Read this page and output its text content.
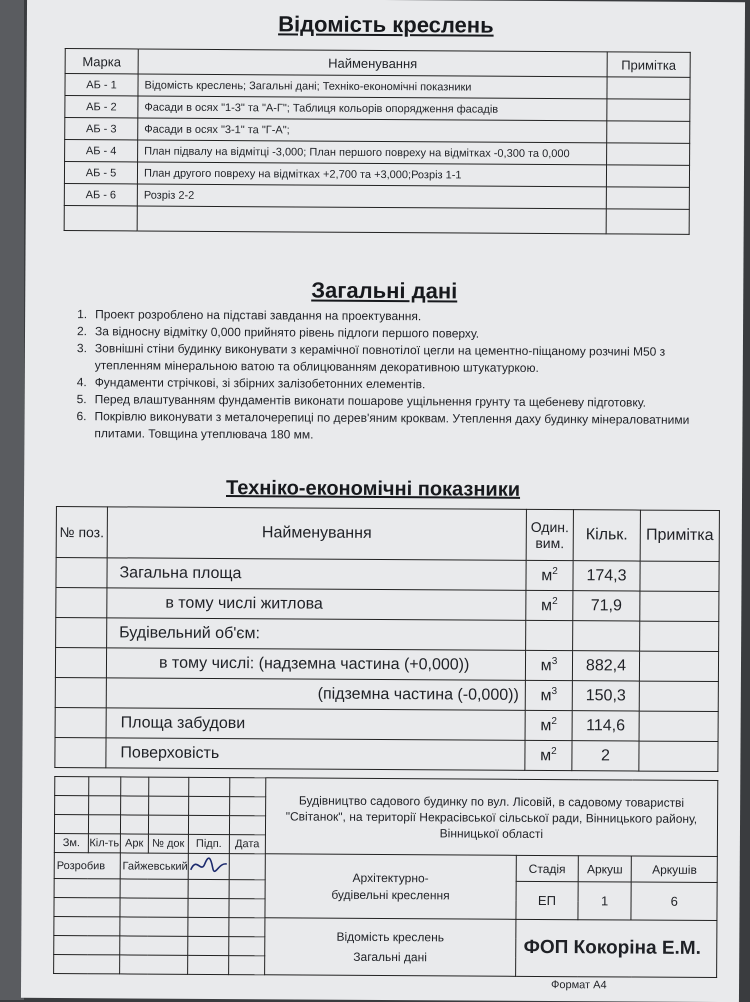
Відомість креслень
Марка	Найменування	Примітка
АБ - 1	Відомість креслень; Загальні дані; Техніко-економічні показники	
АБ - 2	Фасади в осях "1-3" та "А-Г"; Таблиця кольорів опорядження фасадів	
АБ - 3	Фасади в осях "3-1" та "Г-А";	
АБ - 4	План підвалу на відмітці -3,000; План першого повреху на відмітках -0,300 та 0,000	
АБ - 5	План другого повреху на відмітках +2,700 та +3,000;Розріз 1-1	
АБ - 6	Розріз 2-2	

Загальні дані
1. Проект розроблено на підставі завдання на проектування.
2. За відносну відмітку 0,000 прийнято рівень підлоги першого поверху.
3. Зовнішні стіни будинку виконувати з керамічної повнотілої цегли на цементно-піщаному розчині М50 з утепленням мінеральною ватою та облицюванням декоративною штукатуркою.
4. Фундаменти стрічкові, зі збірних залізобетонних елементів.
5. Перед влаштуванням фундаментів виконати пошарове ущільнення грунту та щебеневу підготовку.
6. Покрівлю виконувати з металочерепиці по дерев'яним кроквам. Утеплення даху будинку мінераловатними плитами. Товщина утеплювача 180 мм.
Техніко-економічні показники
№ поз.	Найменування	Один. вим.	Кільк.	Примітка
	Загальна площа	$м^2$	174,3	
	в тому числі житлова	$м^2$	71,9	
	Будівельний об'єм:			
	в тому числі: (надземна частина (+0,000))	$м^3$	882,4	
	(підземна частина (-0,000))	$м^3$	150,3	
	Площа забудови	$м^2$	114,6	
	Поверховість	$м^2$	2	
						Будівництво садового будинку по вул. Лісовій, в садовому товаристві "Світанок", на території Некрасівської сільської ради, Вінницького району, Вінницької області			

Зм.	Кіл-ть	Арк	№ док	Підп.	Дата				
Розробив		Гайжевський				Архітектурно-будівельні креслення	Стадія	Аркуш	Аркушів
							ЕП	1	6

						Відомість креслень Загальні дані	ФОП Кокоріна Е.М.		

Формат А4
